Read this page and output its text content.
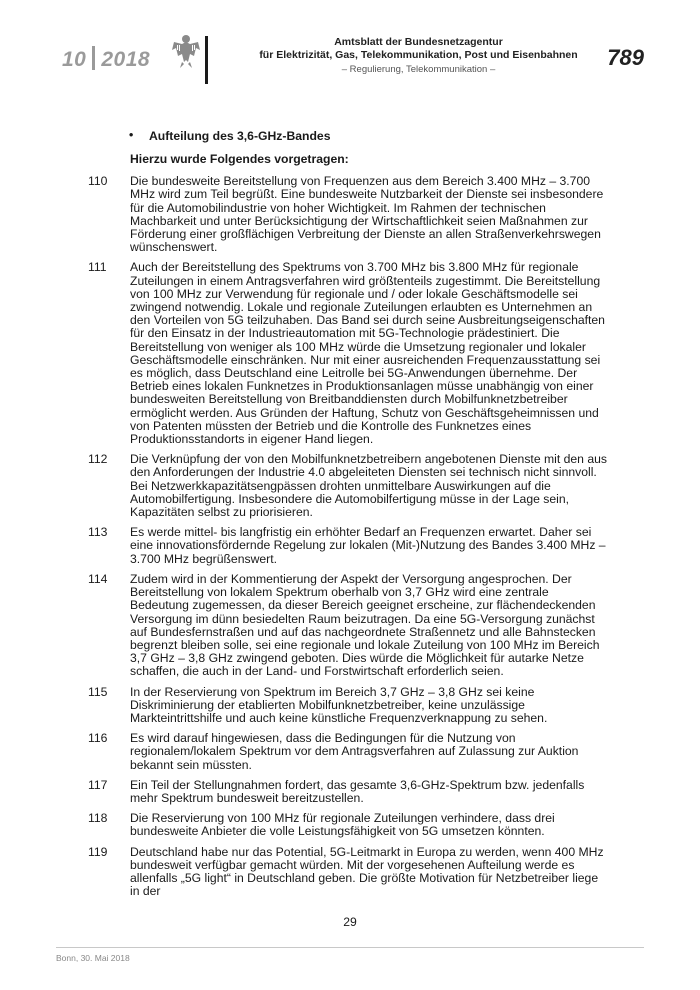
10 2018
Amtsblatt der Bundesnetzagentur
für Elektrizität, Gas, Telekommunikation, Post und Eisenbahnen
– Regulierung, Telekommunikation –	789
• Aufteilung des 3,6-GHz-Bandes
Hierzu wurde Folgendes vorgetragen:
110	Die bundesweite Bereitstellung von Frequenzen aus dem Bereich 3.400 MHz – 3.700 MHz wird zum Teil begrüßt. Eine bundesweite Nutzbarkeit der Dienste sei insbesondere für die Automobilindustrie von hoher Wichtigkeit. Im Rahmen der technischen Machbarkeit und unter Berücksichtigung der Wirtschaftlichkeit seien Maßnahmen zur Förderung einer großflächigen Verbreitung der Dienste an allen Straßenverkehrswegen wünschenswert.
111	Auch der Bereitstellung des Spektrums von 3.700 MHz bis 3.800 MHz für regionale Zuteilungen in einem Antragsverfahren wird größtenteils zugestimmt. Die Bereitstellung von 100 MHz zur Verwendung für regionale und / oder lokale Geschäftsmodelle sei zwingend notwendig. Lokale und regionale Zuteilungen erlaubten es Unternehmen an den Vorteilen von 5G teilzuhaben. Das Band sei durch seine Ausbreitungseigenschaften für den Einsatz in der Industrieautomation mit 5G-Technologie prädestiniert. Die Bereitstellung von weniger als 100 MHz würde die Umsetzung regionaler und lokaler Geschäftsmodelle einschränken. Nur mit einer ausreichenden Frequenzausstattung sei es möglich, dass Deutschland eine Leitrolle bei 5G-Anwendungen übernehme. Der Betrieb eines lokalen Funknetzes in Produktionsanlagen müsse unabhängig von einer bundesweiten Bereitstellung von Breitbanddiensten durch Mobilfunknetzbetreiber ermöglicht werden. Aus Gründen der Haftung, Schutz von Geschäftsgeheimnissen und von Patenten müssten der Betrieb und die Kontrolle des Funknetzes eines Produktionsstandorts in eigener Hand liegen.
112	Die Verknüpfung der von den Mobilfunknetzbetreibern angebotenen Dienste mit den aus den Anforderungen der Industrie 4.0 abgeleiteten Diensten sei technisch nicht sinnvoll. Bei Netzwerkkapazitätsengpässen drohten unmittelbare Auswirkungen auf die Automobilfertigung. Insbesondere die Automobilfertigung müsse in der Lage sein, Kapazitäten selbst zu priorisieren.
113	Es werde mittel- bis langfristig ein erhöhter Bedarf an Frequenzen erwartet. Daher sei eine innovationsfördernde Regelung zur lokalen (Mit-)Nutzung des Bandes 3.400 MHz – 3.700 MHz begrüßenswert.
114	Zudem wird in der Kommentierung der Aspekt der Versorgung angesprochen. Der Bereitstellung von lokalem Spektrum oberhalb von 3,7 GHz wird eine zentrale Bedeutung zugemessen, da dieser Bereich geeignet erscheine, zur flächendeckenden Versorgung im dünn besiedelten Raum beizutragen. Da eine 5G-Versorgung zunächst auf Bundesfernstraßen und auf das nachgeordnete Straßennetz und alle Bahnstecken begrenzt bleiben solle, sei eine regionale und lokale Zuteilung von 100 MHz im Bereich 3,7 GHz – 3,8 GHz zwingend geboten. Dies würde die Möglichkeit für autarke Netze schaffen, die auch in der Land- und Forstwirtschaft erforderlich seien.
115	In der Reservierung von Spektrum im Bereich 3,7 GHz – 3,8 GHz sei keine Diskriminierung der etablierten Mobilfunknetzbetreiber, keine unzulässige Markteintrittshilfe und auch keine künstliche Frequenzverknappung zu sehen.
116	Es wird darauf hingewiesen, dass die Bedingungen für die Nutzung von regionalem/lokalem Spektrum vor dem Antragsverfahren auf Zulassung zur Auktion bekannt sein müssten.
117	Ein Teil der Stellungnahmen fordert, das gesamte 3,6-GHz-Spektrum bzw. jedenfalls mehr Spektrum bundesweit bereitzustellen.
118	Die Reservierung von 100 MHz für regionale Zuteilungen verhindere, dass drei bundesweite Anbieter die volle Leistungsfähigkeit von 5G umsetzen könnten.
119	Deutschland habe nur das Potential, 5G-Leitmarkt in Europa zu werden, wenn 400 MHz bundesweit verfügbar gemacht würden. Mit der vorgesehenen Aufteilung werde es allenfalls „5G light“ in Deutschland geben. Die größte Motivation für Netzbetreiber liege in der
29
Bonn, 30. Mai 2018
